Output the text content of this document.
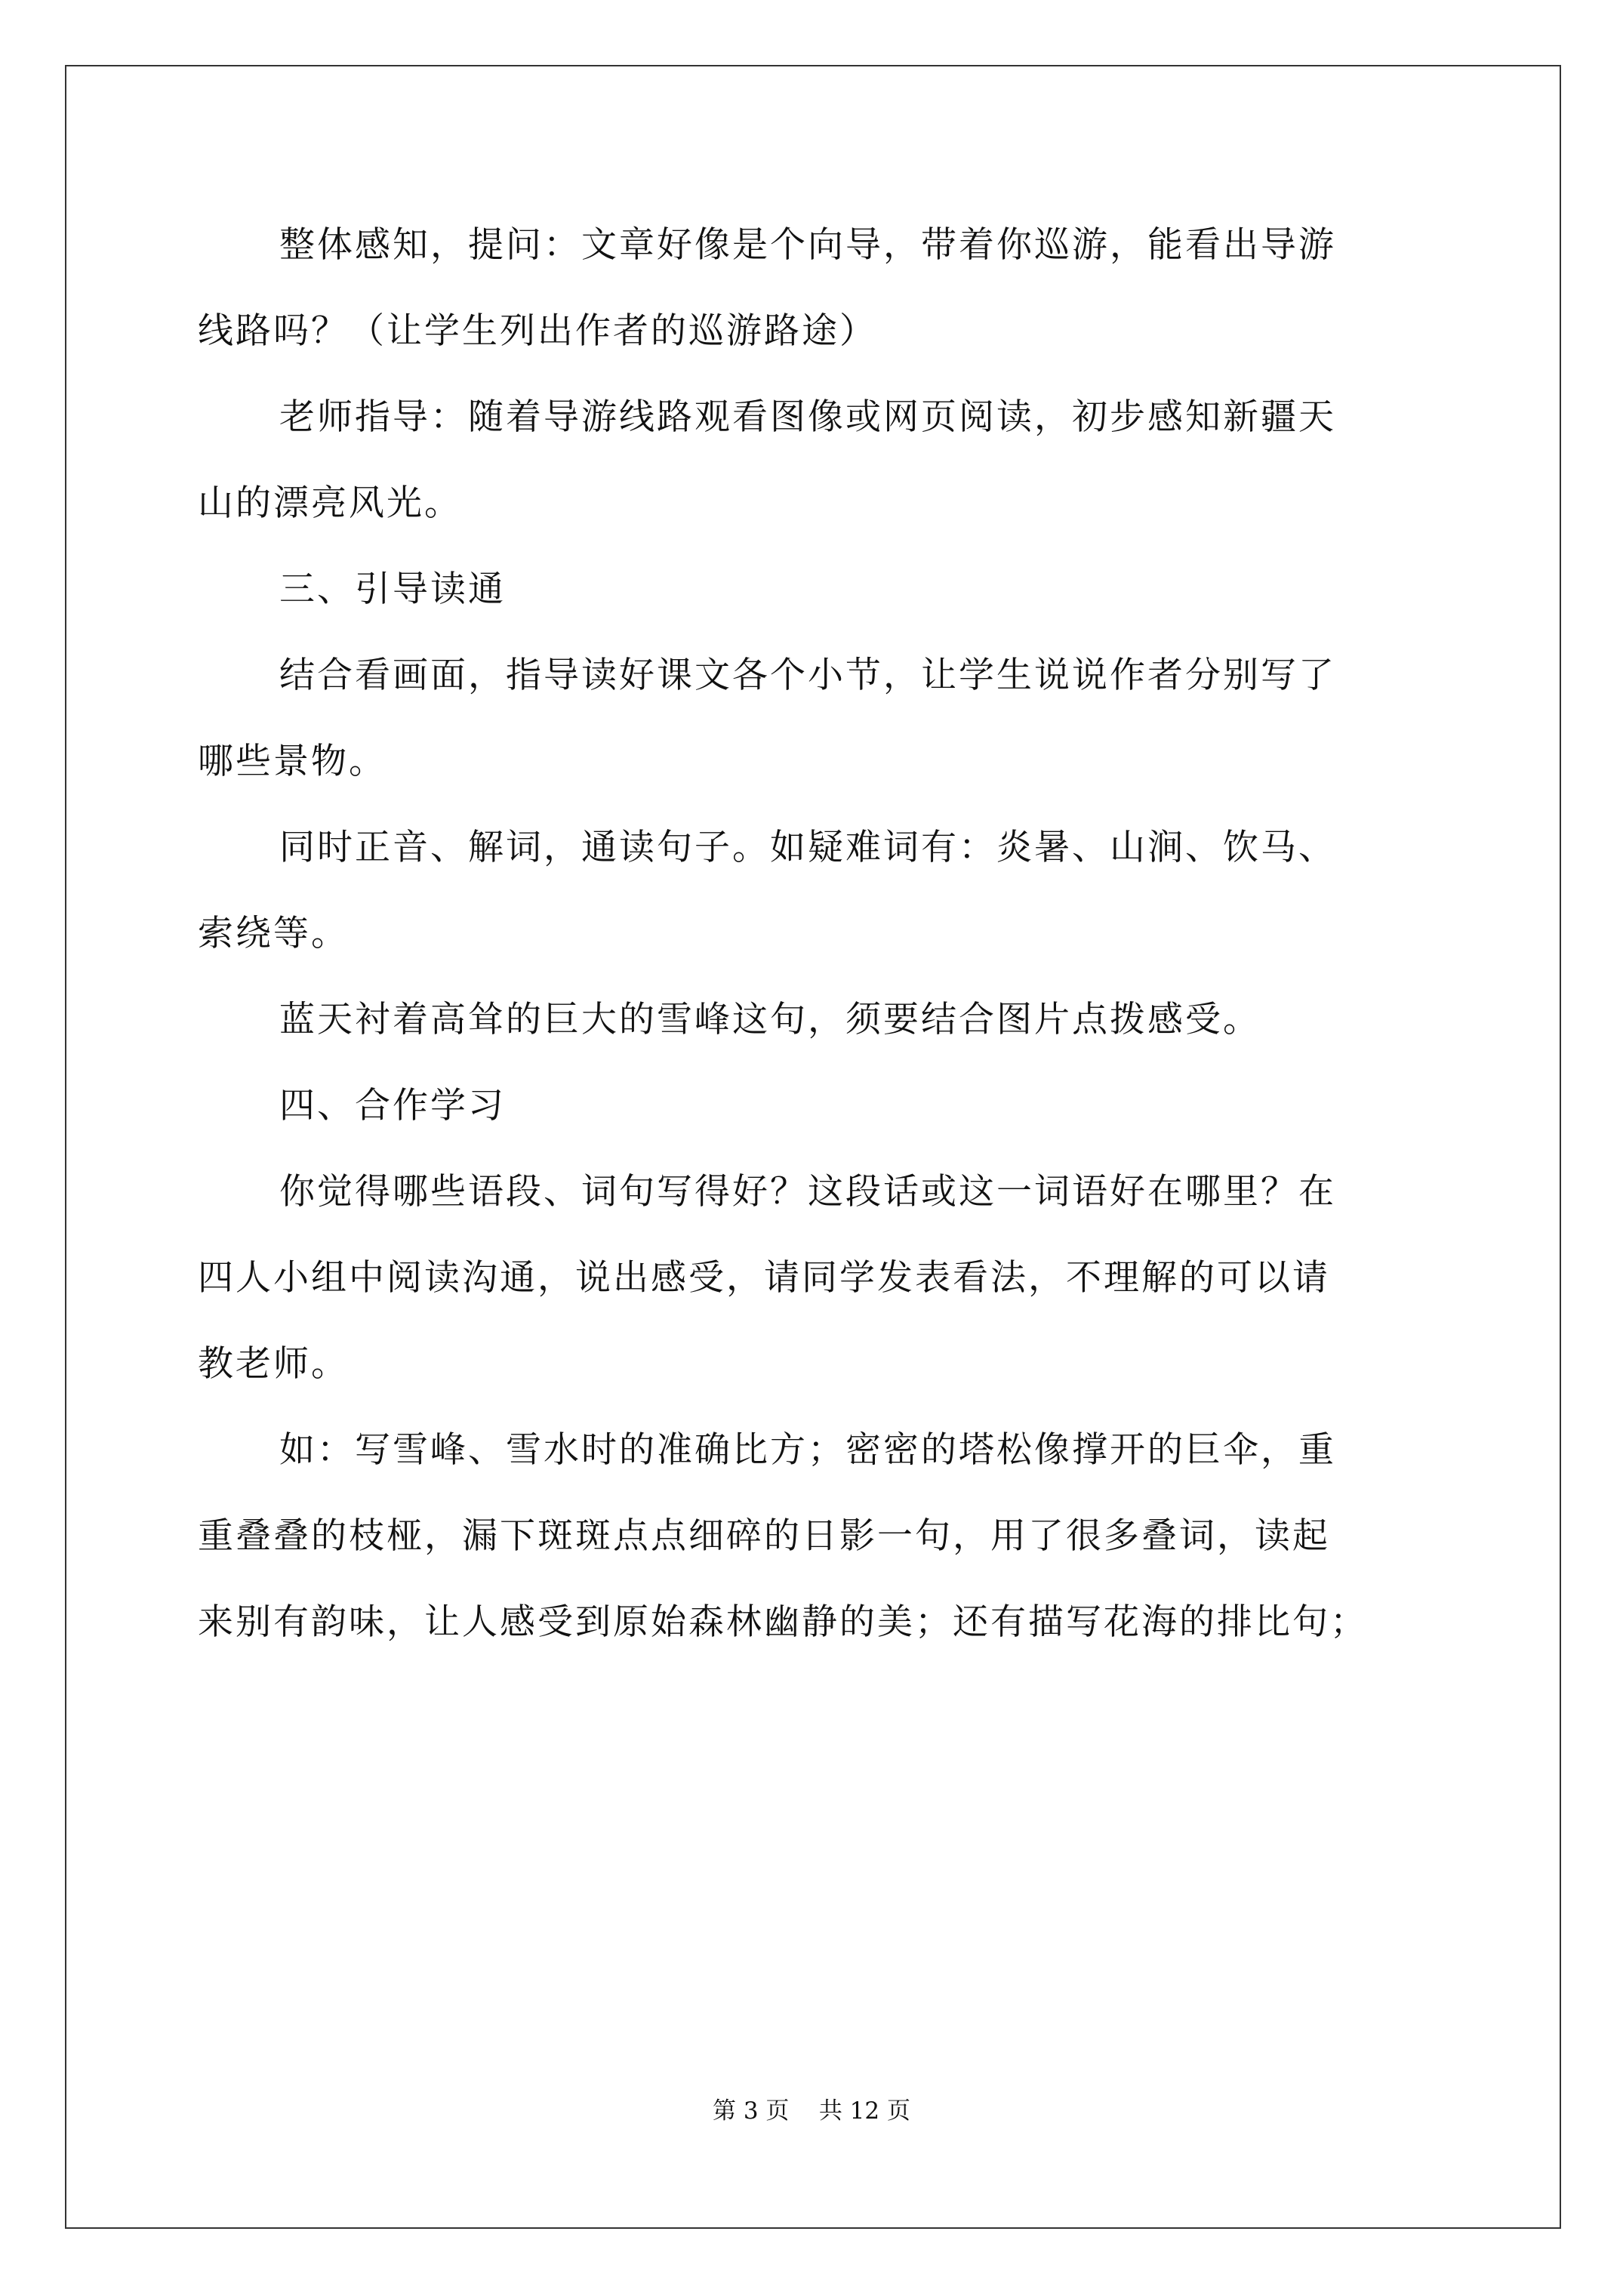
整体感知，提问：文章好像是个向导，带着你巡游，能看出导游

线路吗？（让学生列出作者的巡游路途）

老师指导：随着导游线路观看图像或网页阅读，初步感知新疆天

山的漂亮风光。

三、引导读通

结合看画面，指导读好课文各个小节，让学生说说作者分别写了

哪些景物。

同时正音、解词，通读句子。如疑难词有：炎暑、山涧、饮马、

索绕等。

蓝天衬着高耸的巨大的雪峰这句，须要结合图片点拨感受。

四、合作学习

你觉得哪些语段、词句写得好？这段话或这一词语好在哪里？在

四人小组中阅读沟通，说出感受，请同学发表看法，不理解的可以请

教老师。

如：写雪峰、雪水时的准确比方；密密的塔松像撑开的巨伞，重

重叠叠的枝桠，漏下斑斑点点细碎的日影一句，用了很多叠词，读起

来别有韵味，让人感受到原始森林幽静的美；还有描写花海的排比句；

第 3 页    共 12 页
